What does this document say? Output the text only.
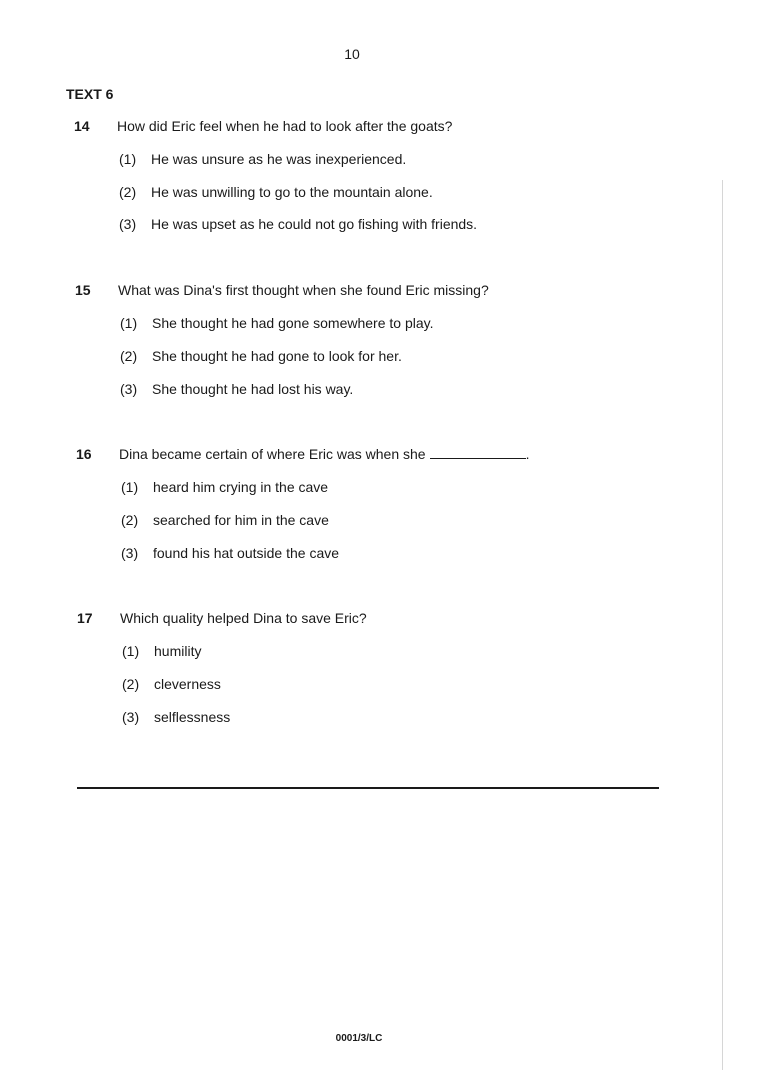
10
TEXT 6
14 How did Eric feel when he had to look after the goats?
(1) He was unsure as he was inexperienced.
(2) He was unwilling to go to the mountain alone.
(3) He was upset as he could not go fishing with friends.
15 What was Dina's first thought when she found Eric missing?
(1) She thought he had gone somewhere to play.
(2) She thought he had gone to look for her.
(3) She thought he had lost his way.
16 Dina became certain of where Eric was when she	.
(1) heard him crying in the cave
(2) searched for him in the cave
(3) found his hat outside the cave
17 Which quality helped Dina to save Eric?
(1) humility
(2) cleverness
(3) selflessness
0001/3/LC
